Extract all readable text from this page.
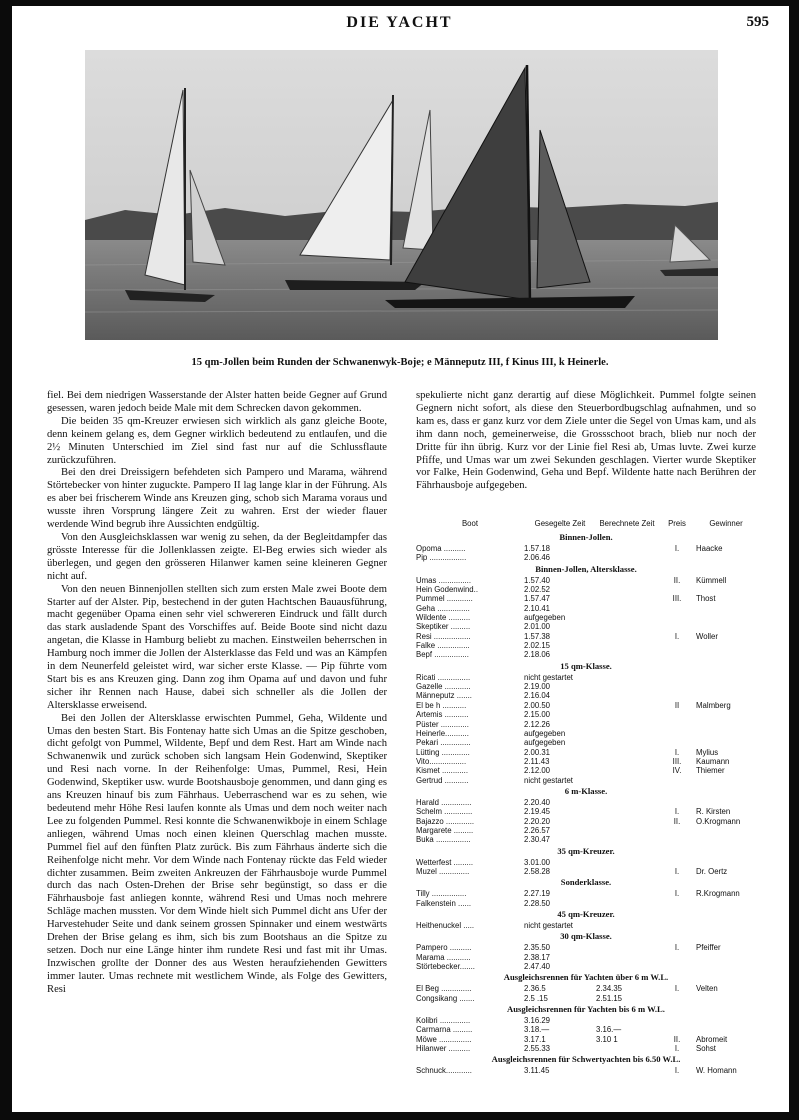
DIE YACHT	595
15 qm-Jollen beim Runden der Schwanenwyk-Boje; e Männeputz III, f Kinus III, k Heinerle.

fiel. Bei dem niedrigen Wasserstande der Alster hatten beide Gegner auf Grund gesessen, waren jedoch beide Male mit dem Schrecken davon gekommen.

Die beiden 35 qm-Kreuzer erwiesen sich wirklich als ganz gleiche Boote, denn keinem gelang es, dem Gegner wirklich bedeutend zu entlaufen, und die 2½ Minuten Unterschied im Ziel sind fast nur auf die Schlussflaute zurückzuführen.

Bei den drei Dreissigern befehdeten sich Pampero und Marama, während Störtebecker von hinter zuguckte. Pampero II lag lange klar in der Führung. Als es aber bei frischerem Winde ans Kreuzen ging, schob sich Marama voraus und wusste ihren Vorsprung längere Zeit zu wahren. Erst der wieder flauer werdende Wind begrub ihre Aussichten endgültig.

Von den Ausgleichsklassen war wenig zu sehen, da der Begleitdampfer das grösste Interesse für die Jollenklassen zeigte. El-Beg erwies sich wieder als überlegen, und gegen den grösseren Hilanwer kamen seine kleineren Gegner nicht auf.

Von den neuen Binnenjollen stellten sich zum ersten Male zwei Boote dem Starter auf der Alster. Pip, bestechend in der guten Hachtschen Bauausführung, macht gegenüber Opama einen sehr viel schwereren Eindruck und fällt durch das stark ausladende Spant des Vorschiffes auf. Beide Boote sind nicht dazu angetan, die Klasse in Hamburg beliebt zu machen. Einstweilen beherrschen in Hamburg noch immer die Jollen der Alsterklasse das Feld und was an Kämpfen in dem Neunerfeld geleistet wird, war sicher erste Klasse. — Pip führte vom Start bis es ans Kreuzen ging. Dann zog ihm Opama auf und davon und fuhr sicher ihr Rennen nach Hause, dabei sich schneller als die Jollen der Altersklasse erweisend.

Bei den Jollen der Altersklasse erwischten Pummel, Geha, Wildente und Umas den besten Start. Bis Fontenay hatte sich Umas an die Spitze geschoben, dicht gefolgt von Pummel, Wildente, Bepf und dem Rest. Hart am Winde nach Schwanenwik und zurück schoben sich langsam Hein Godenwind, Skeptiker und Resi nach vorne. In der Reihenfolge: Umas, Pummel, Resi, Hein Godenwind, Skeptiker usw. wurde Bootshausboje genommen, und dann ging es ans Kreuzen hinauf bis zum Fährhaus. Ueberraschend war es zu sehen, wie bedeutend mehr Höhe Resi laufen konnte als Umas und dem noch weiter nach Lee zu folgenden Pummel. Resi konnte die Schwanenwikboje in einem Schlage anliegen, während Umas noch einen kleinen Querschlag machen musste. Pummel fiel auf den fünften Platz zurück. Bis zum Fährhaus änderte sich die Reihenfolge nicht mehr. Vor dem Winde nach Fontenay rückte das Feld wieder dichter zusammen. Beim zweiten Ankreuzen der Fährhausboje wurde Pummel durch das nach Osten-Drehen der Brise sehr begünstigt, so dass er die Fährhausboje fast anliegen konnte, während Resi und Umas noch mehrere Schläge machen mussten. Vor dem Winde hielt sich Pummel dicht ans Ufer der Harvestehuder Seite und dank seinem grossen Spinnaker und einem westwärts Drehen der Brise gelang es ihm, sich bis zum Bootshaus an die Spitze zu setzen. Doch nur eine Länge hinter ihm rundete Resi und fast mit ihr Umas. Inzwischen grollte der Donner des aus Westen heraufziehenden Gewitters immer lauter. Umas rechnete mit westlichem Winde, als Folge des Gewitters, Resi

spekulierte nicht ganz derartig auf diese Möglichkeit. Pummel folgte seinen Gegnern nicht sofort, als diese den Steuerbordbugschlag aufnahmen, und so kam es, dass er ganz kurz vor dem Ziele unter die Segel von Umas kam, und als ihm dann noch, gemeinerweise, die Grossschoot brach, blieb nur noch der Dritte für ihn übrig. Kurz vor der Linie fiel Resi ab, Umas luvte. Zwei kurze Pfiffe, und Umas war um zwei Sekunden geschlagen. Vierter wurde Skeptiker vor Falke, Hein Godenwind, Geha und Bepf. Wildente hatte nach Berühren der Fährhausboje aufgegeben.

Boot	Gesegelte Zeit	Berechnete Zeit	Preis	Gewinner
Binnen-Jollen.				
Opoma ..........	1.57.18		I.	Haacke
Pip .................	2.06.46			
Binnen-Jollen, Altersklasse.				
Umas ...............	1.57.40		II.	Kümmell
Hein Godenwind..	2.02.52			
Pummel ............	1.57.47		III.	Thost
Geha ...............	2.10.41			
Wildente ..........	aufgegeben			
Skeptiker .........	2.01.00			
Resi .................	1.57.38		I.	Woller
Falke ...............	2.02.15			
Bepf ................	2.18.06			
15 qm-Klasse.				
Ricati ...............	nicht gestartet			
Gazelle ............	2.19.00			
Männeputz .......	2.16.04			
El be h ...........	2.00.50		II	Malmberg
Artemis ...........	2.15.00			
Püster .............	2.12.26			
Heinerle...........	aufgegeben			
Pekari ..............	aufgegeben			
Lütting .............	2.00.31		I.	Mylius
Vito.................	2.11.43		III.	Kaumann
Kismet ............	2.12.00		IV.	Thiemer
Gertrud ...........	nicht gestartet			
6 m-Klasse.				
Harald ..............	2.20.40			
Schelm .............	2.19.45		I.	R. Kirsten
Bajazzo .............	2.20.20		II.	O.Krogmann
Margarete .........	2.26.57			
Buka ................	2.30.47			
35 qm-Kreuzer.				
Wetterfest .........	3.01.00			
Muzel ..............	2.58.28		I.	Dr. Oertz
Sonderklasse.				
Tilly ................	2.27.19		I.	R.Krogmann
Falkenstein ......	2.28.50			
45 qm-Kreuzer.				
Heithenuckel .....	nicht gestartet			
30 qm-Klasse.				
Pampero ..........	2.35.50		I.	Pfeiffer
Marama ...........	2.38.17			
Störtebecker.......	2.47.40			
Ausgleichsrennen für Yachten über 6 m W.L.				
El Beg ..............	2.36.5	2.34.35	I.	Velten
Congsikang .......	2.5 .15	2.51.15		
Ausgleichsrennen für Yachten bis 6 m W.L.				
Kolibri ..............	3.16.29			
Carmarna .........	3.18.—	3.16.—		
Möwe ...............	3.17.1	3.10 1	II.	Abromeit
Hilanwer ..........	2.55.33		I.	Sohst
Ausgleichsrennen für Schwertyachten bis 6.50 W.L.				
Schnuck............	3.11.45		I.	W. Homann
